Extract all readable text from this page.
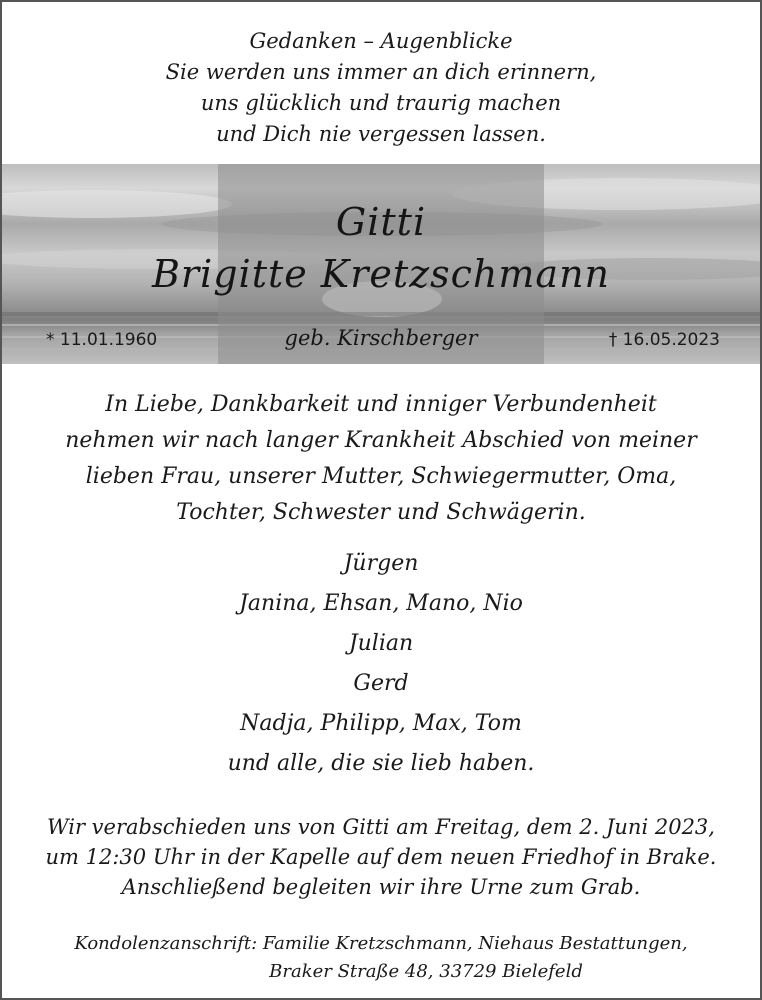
Gedanken – Augenblicke
Sie werden uns immer an dich erinnern,
uns glücklich und traurig machen
und Dich nie vergessen lassen.
Gitti
Brigitte Kretzschmann
* 11.01.1960	geb. Kirschberger	† 16.05.2023
In Liebe, Dankbarkeit und inniger Verbundenheit
nehmen wir nach langer Krankheit Abschied von meiner
lieben Frau, unserer Mutter, Schwiegermutter, Oma,
Tochter, Schwester und Schwägerin.
Jürgen
Janina, Ehsan, Mano, Nio
Julian
Gerd
Nadja, Philipp, Max, Tom
und alle, die sie lieb haben.
Wir verabschieden uns von Gitti am Freitag, dem 2. Juni 2023,
um 12:30 Uhr in der Kapelle auf dem neuen Friedhof in Brake.
Anschließend begleiten wir ihre Urne zum Grab.
Kondolenzanschrift: Familie Kretzschmann, Niehaus Bestattungen,
Braker Straße 48, 33729 Bielefeld
